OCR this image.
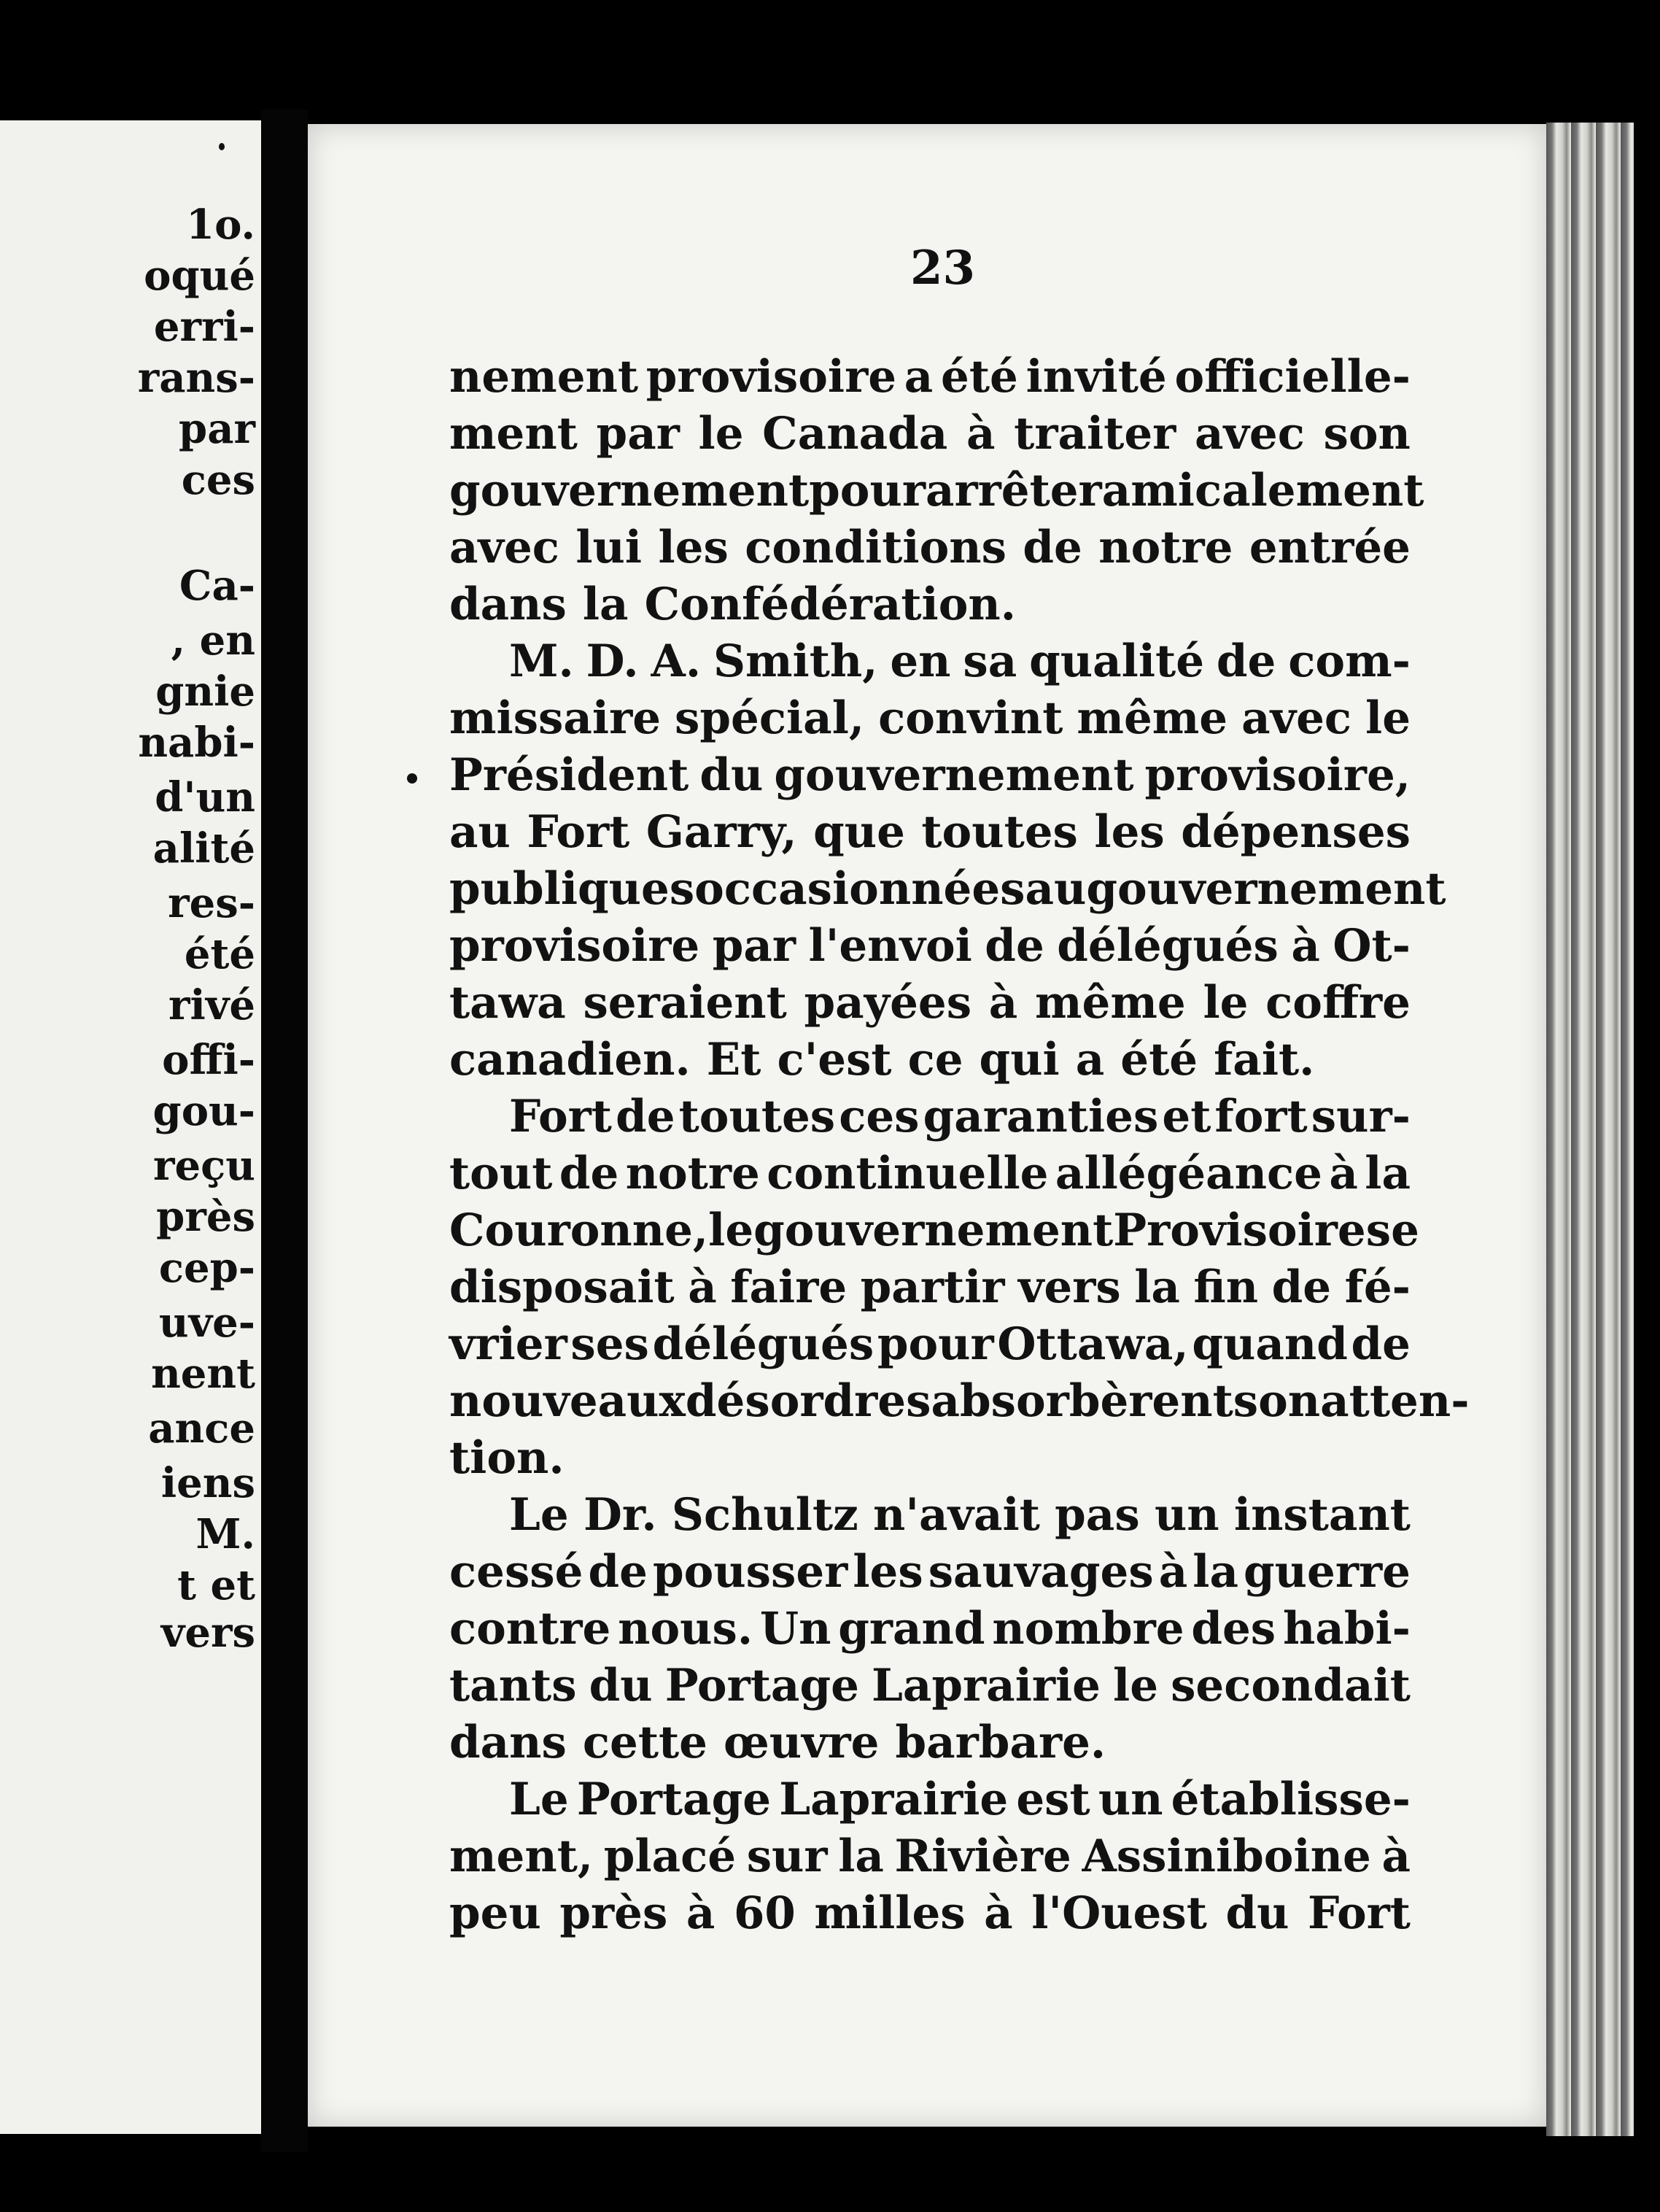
1o.
oqué
erri-
rans-
par
ces
Ca-
, en
gnie
nabi-
d'un
alité
res-
été
rivé
offi-
gou-
reçu
près
cep-
uve-
nent
ance
iens
M.
t et
vers
23
nement provisoire a été invité officielle-
ment par le Canada à traiter avec son
gouvernement pour arrêter amicalement
avec lui les conditions de notre entrée
dans la Confédération.
M. D. A. Smith, en sa qualité de com-
missaire spécial, convint même avec le
Président du gouvernement provisoire,
au Fort Garry, que toutes les dépenses
publiques occasionnées au gouvernement
provisoire par l'envoi de délégués à Ot-
tawa seraient payées à même le coffre
canadien. Et c'est ce qui a été fait.
Fort de toutes ces garanties et fort sur-
tout de notre continuelle allégéance à la
Couronne, le gouvernement Provisoire se
disposait à faire partir vers la fin de fé-
vrier ses délégués pour Ottawa, quand de
nouveaux désordres absorbèrent son atten-
tion.
Le Dr. Schultz n'avait pas un instant
cessé de pousser les sauvages à la guerre
contre nous. Un grand nombre des habi-
tants du Portage Laprairie le secondait
dans cette œuvre barbare.
Le Portage Laprairie est un établisse-
ment, placé sur la Rivière Assiniboine à
peu près à 60 milles à l'Ouest du Fort
